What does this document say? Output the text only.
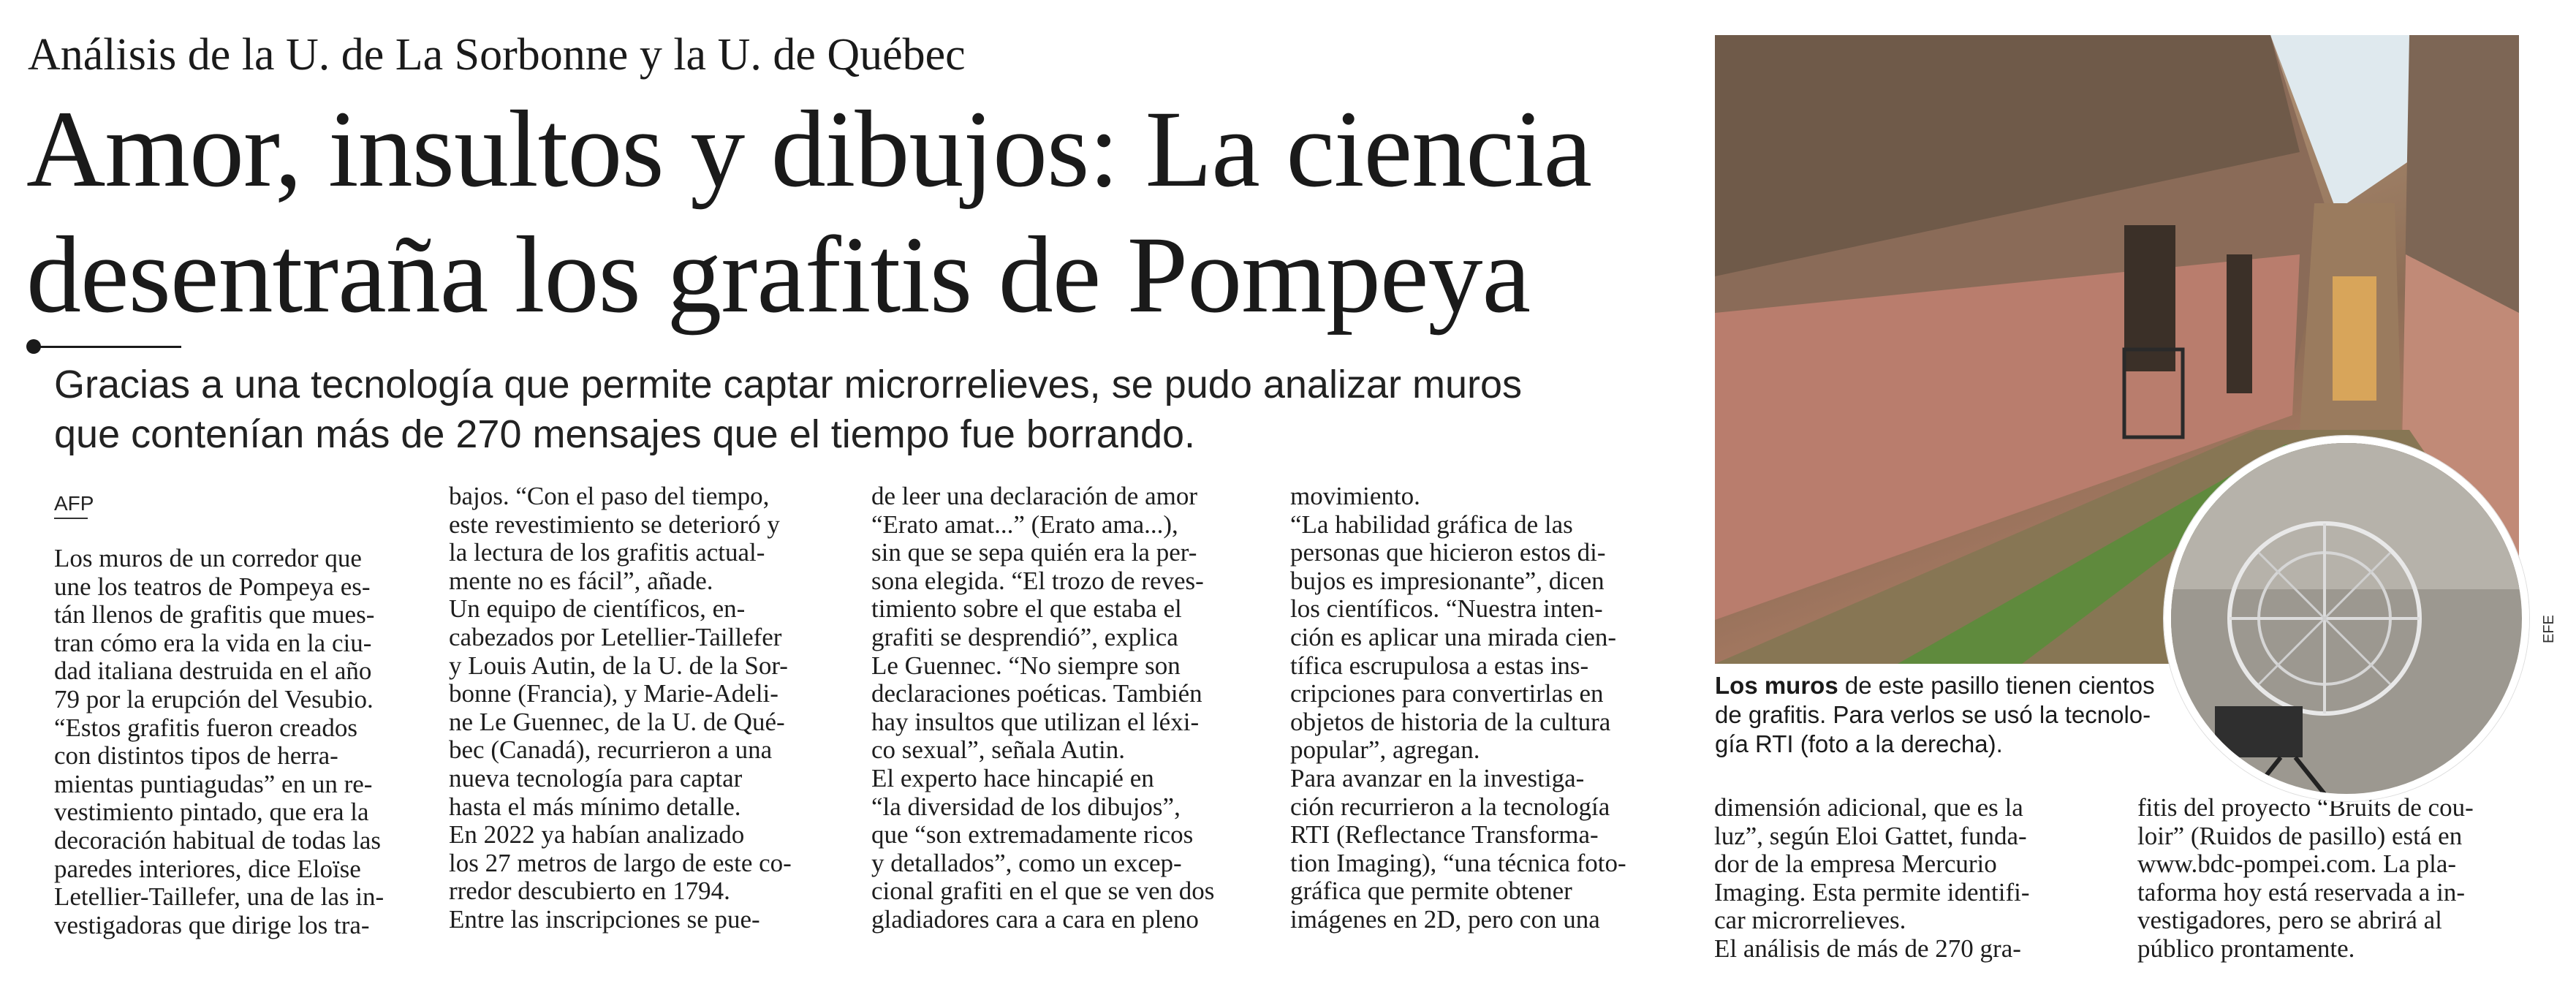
Análisis de la U. de La Sorbonne y la U. de Québec
Amor, insultos y dibujos: La ciencia
desentraña los grafitis de Pompeya
Gracias a una tecnología que permite captar microrrelieves, se pudo analizar muros
que contenían más de 270 mensajes que el tiempo fue borrando.
AFP
Los muros de un corredor que
une los teatros de Pompeya es-
tán llenos de grafitis que mues-
tran cómo era la vida en la ciu-
dad italiana destruida en el año
79 por la erupción del Vesubio.
“Estos grafitis fueron creados
con distintos tipos de herra-
mientas puntiagudas” en un re-
vestimiento pintado, que era la
decoración habitual de todas las
paredes interiores, dice Eloïse
Letellier-Taillefer, una de las in-
vestigadoras que dirige los tra-
bajos. “Con el paso del tiempo,
este revestimiento se deterioró y
la lectura de los grafitis actual-
mente no es fácil”, añade.
Un equipo de científicos, en-
cabezados por Letellier-Taillefer
y Louis Autin, de la U. de la Sor-
bonne (Francia), y Marie-Adeli-
ne Le Guennec, de la U. de Qué-
bec (Canadá), recurrieron a una
nueva tecnología para captar
hasta el más mínimo detalle.
En 2022 ya habían analizado
los 27 metros de largo de este co-
rredor descubierto en 1794.
Entre las inscripciones se pue-
de leer una declaración de amor
“Erato amat...” (Erato ama...),
sin que se sepa quién era la per-
sona elegida. “El trozo de reves-
timiento sobre el que estaba el
grafiti se desprendió”, explica
Le Guennec. “No siempre son
declaraciones poéticas. También
hay insultos que utilizan el léxi-
co sexual”, señala Autin.
El experto hace hincapié en
“la diversidad de los dibujos”,
que “son extremadamente ricos
y detallados”, como un excep-
cional grafiti en el que se ven dos
gladiadores cara a cara en pleno
movimiento.
“La habilidad gráfica de las
personas que hicieron estos di-
bujos es impresionante”, dicen
los científicos. “Nuestra inten-
ción es aplicar una mirada cien-
tífica escrupulosa a estas ins-
cripciones para convertirlas en
objetos de historia de la cultura
popular”, agregan.
Para avanzar en la investiga-
ción recurrieron a la tecnología
RTI (Reflectance Transforma-
tion Imaging), “una técnica foto-
gráfica que permite obtener
imágenes en 2D, pero con una
dimensión adicional, que es la
luz”, según Eloi Gattet, funda-
dor de la empresa Mercurio
Imaging. Esta permite identifi-
car microrrelieves.
El análisis de más de 270 gra-
fitis del proyecto “Bruits de cou-
loir” (Ruidos de pasillo) está en
www.bdc-pompei.com. La pla-
taforma hoy está reservada a in-
vestigadores, pero se abrirá al
público prontamente.
EFE
Los muros de este pasillo tienen cientos
de grafitis. Para verlos se usó la tecnolo-
gía RTI (foto a la derecha).
